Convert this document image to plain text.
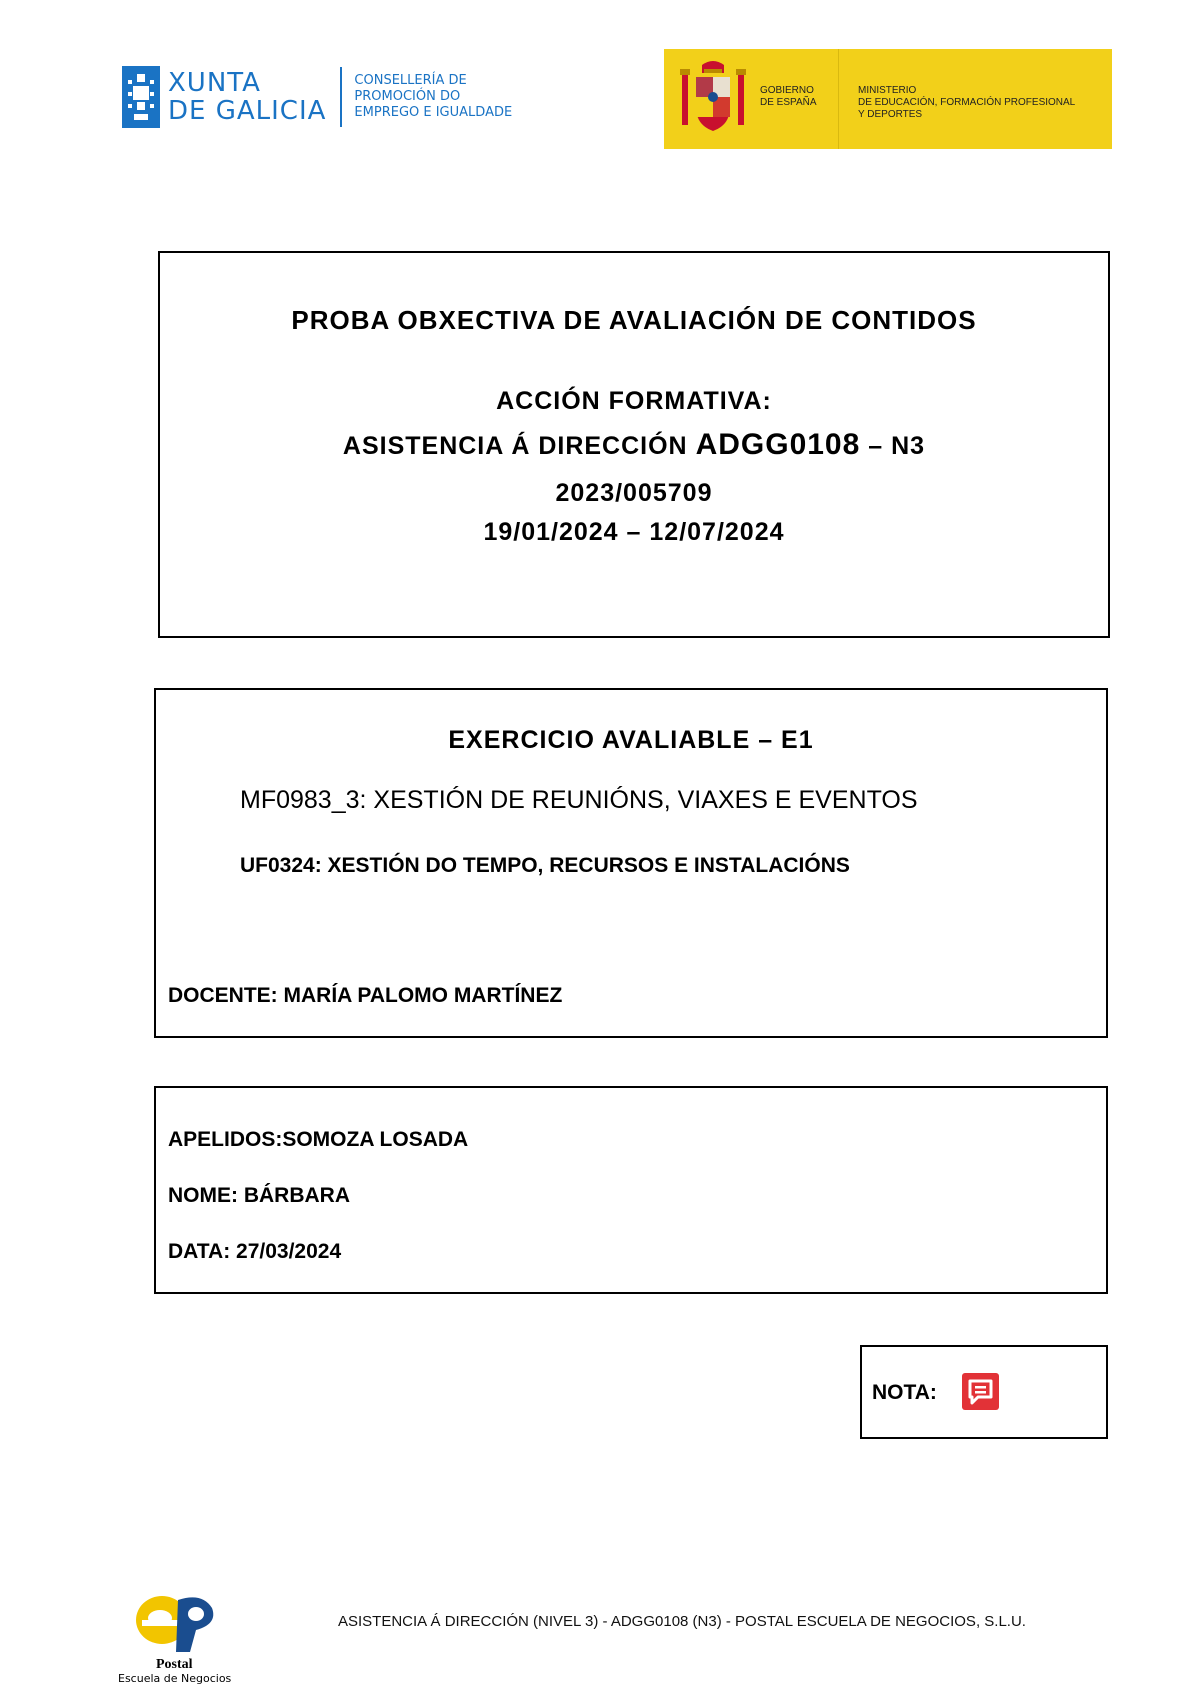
XUNTA
DE GALICIA
CONSELLERÍA DE
PROMOCIÓN DO
EMPREGO E IGUALDADE
GOBIERNO
DE ESPAÑA
MINISTERIO
DE EDUCACIÓN, FORMACIÓN PROFESIONAL
Y DEPORTES
PROBA OBXECTIVA DE AVALIACIÓN DE CONTIDOS
ACCIÓN FORMATIVA:
ASISTENCIA Á DIRECCIÓN ADGG0108 – N3
2023/005709
19/01/2024 – 12/07/2024
EXERCICIO AVALIABLE – E1
MF0983_3: XESTIÓN DE REUNIÓNS, VIAXES E EVENTOS
UF0324: XESTIÓN DO TEMPO, RECURSOS E INSTALACIÓNS
DOCENTE: MARÍA PALOMO MARTÍNEZ
APELIDOS:SOMOZA LOSADA
NOME: BÁRBARA
DATA: 27/03/2024
NOTA:
Postal
Escuela de Negocios
ASISTENCIA Á DIRECCIÓN (NIVEL 3) - ADGG0108 (N3) - POSTAL ESCUELA DE NEGOCIOS, S.L.U.
